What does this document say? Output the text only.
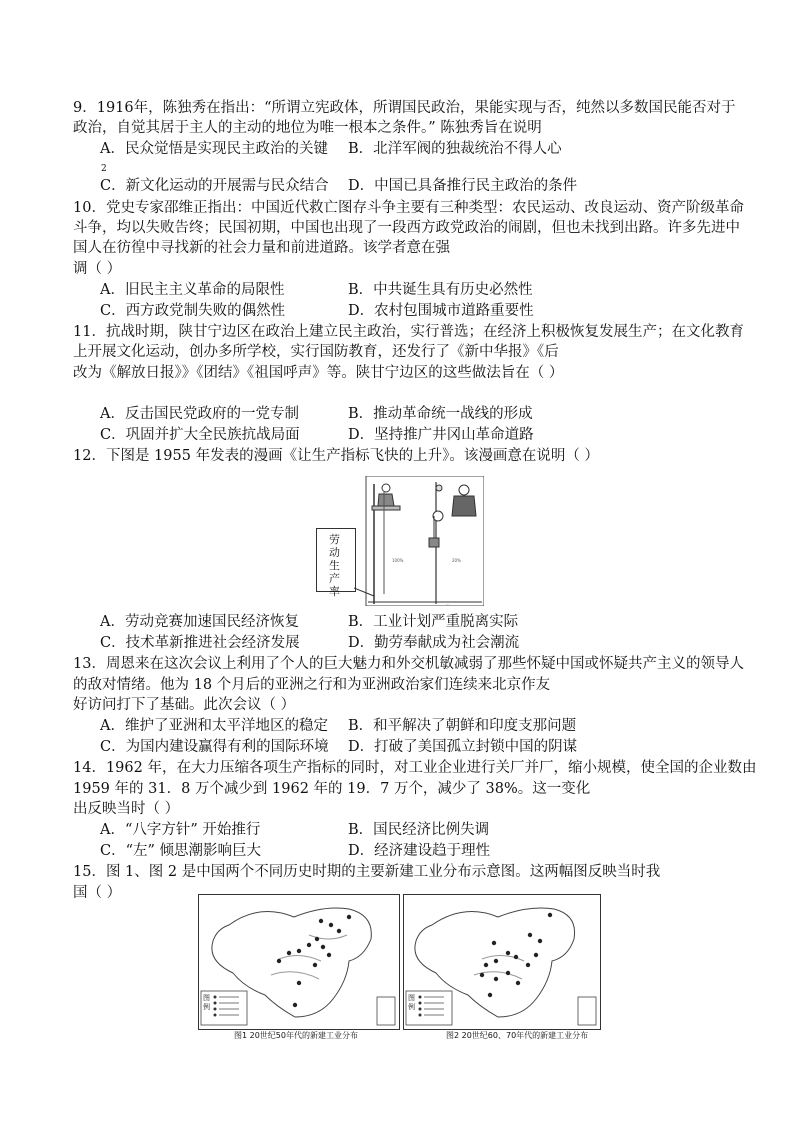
9．1916年，陈独秀在指出：“所谓立宪政体，所谓国民政治，果能实现与否，纯然以多数国民能否对于
政治，自觉其居于主人的主动的地位为唯一根本之条件。” 陈独秀旨在说明
A．民众觉悟是实现民主政治的关键 B．北洋军阀的独裁统治不得人心
2
C．新文化运动的开展需与民众结合 D．中国已具备推行民主政治的条件
10．党史专家邵维正指出：中国近代救亡图存斗争主要有三种类型：农民运动、改良运动、资产阶级革命
斗争，均以失败告终；民国初期，中国也出现了一段西方政党政治的闹剧，但也未找到出路。许多先进中
国人在彷徨中寻找新的社会力量和前进道路。该学者意在强
调（ ）
A．旧民主主义革命的局限性	B．中共诞生具有历史必然性
C．西方政党制失败的偶然性	D．农村包围城市道路重要性
11．抗战时期，陕甘宁边区在政治上建立民主政治，实行普选；在经济上积极恢复发展生产；在文化教育
上开展文化运动，创办多所学校，实行国防教育，还发行了《新中华报》《后
改为《解放日报》》《团结》《祖国呼声》等。陕甘宁边区的这些做法旨在（ ）
A．反击国民党政府的一党专制	B．推动革命统一战线的形成
C．巩固并扩大全民族抗战局面	D．坚持推广井冈山革命道路
12．下图是 1955 年发表的漫画《让生产指标飞快的上升》。该漫画意在说明（ ）
100%	20%
…
劳动生产率
A．劳动竞赛加速国民经济恢复	B．工业计划严重脱离实际
C．技术革新推进社会经济发展	D．勤劳奉献成为社会潮流
13．周恩来在这次会议上利用了个人的巨大魅力和外交机敏减弱了那些怀疑中国或怀疑共产主义的领导人
的敌对情绪。他为 18 个月后的亚洲之行和为亚洲政治家们连续来北京作友
好访问打下了基础。此次会议（ ）
A．维护了亚洲和太平洋地区的稳定 B．和平解决了朝鲜和印度支那问题
C．为国内建设赢得有利的国际环境 D．打破了美国孤立封锁中国的阴谋
14．1962 年，在大力压缩各项生产指标的同时，对工业企业进行关厂并厂，缩小规模，使全国的企业数由
1959 年的 31．8 万个减少到 1962 年的 19．7 万个，减少了 38%。这一变化
出反映当时（ ）
A．“八字方针” 开始推行	B．国民经济比例失调
C．“左” 倾思潮影响巨大	D．经济建设趋于理性
15．图 1、图 2 是中国两个不同历史时期的主要新建工业分布示意图。这两幅图反映当时我
国（ ）
图例
图1 20世纪50年代的新建工业分布
图例
图2 20世纪60、70年代的新建工业分布
